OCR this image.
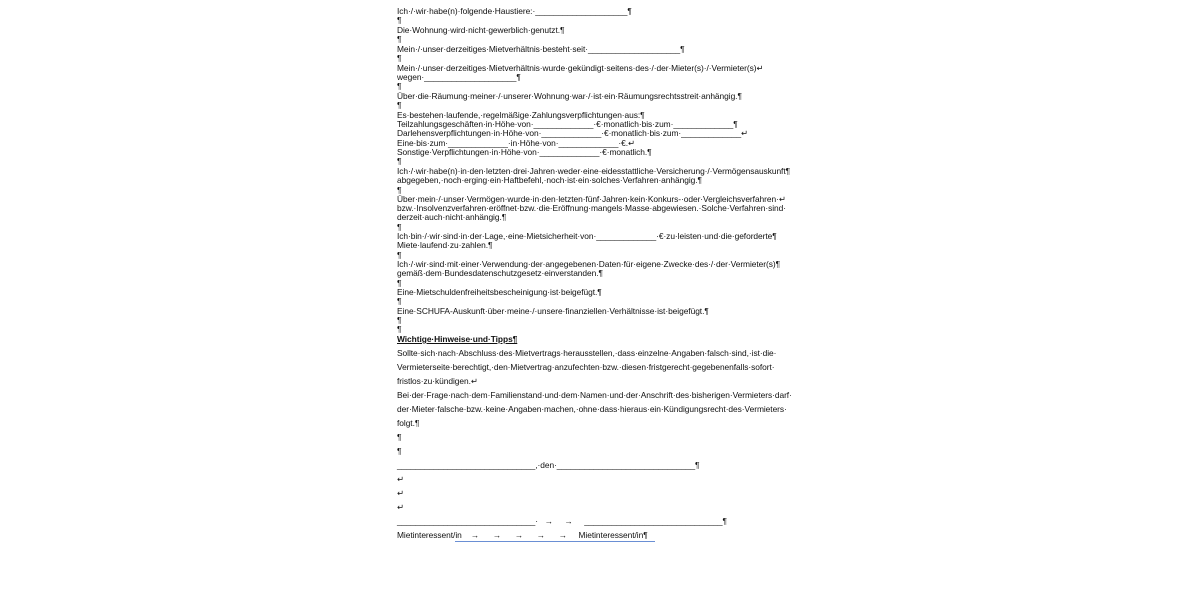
Ich·/·wir·habe(n)·folgende·Haustiere:·____________________¶
¶
Die·Wohnung·wird·nicht·gewerblich·genutzt.¶
¶
Mein·/·unser·derzeitiges·Mietverhältnis·besteht·seit·____________________¶
¶
Mein·/·unser·derzeitiges·Mietverhältnis·wurde·gekündigt·seitens·des·/·der·Mieter(s)·/·Vermieter(s)↵
wegen·____________________¶
¶
Über·die·Räumung·meiner·/·unserer·Wohnung·war·/·ist·ein·Räumungsrechtsstreit·anhängig.¶
¶
Es·bestehen·laufende,·regelmäßige·Zahlungsverpflichtungen·aus:¶
Teilzahlungsgeschäften·in·Höhe·von·_____________·€·monatlich·bis·zum·_____________¶
Darlehensverpflichtungen·in·Höhe·von·_____________·€·monatlich·bis·zum·_____________↵
Eine·bis·zum·_____________·in·Höhe·von·_____________·€.↵
Sonstige·Verpflichtungen·in·Höhe·von·_____________·€·monatlich.¶
¶
Ich·/·wir·habe(n)·in·den·letzten·drei·Jahren·weder·eine·eidesstattliche·Versicherung·/·Vermögensauskunft¶
abgegeben,·noch·erging·ein·Haftbefehl,·noch·ist·ein·solches·Verfahren·anhängig.¶
¶
Über·mein·/·unser·Vermögen·wurde·in·den·letzten·fünf·Jahren·kein·Konkurs-·oder·Vergleichsverfahren·↵
bzw.·Insolvenzverfahren·eröffnet·bzw.·die·Eröffnung·mangels·Masse·abgewiesen.·Solche·Verfahren·sind·
derzeit·auch·nicht·anhängig.¶
¶
Ich·bin·/·wir·sind·in·der·Lage,·eine·Mietsicherheit·von·_____________·€·zu·leisten·und·die·geforderte¶
Miete·laufend·zu·zahlen.¶
¶
Ich·/·wir·sind·mit·einer·Verwendung·der·angegebenen·Daten·für·eigene·Zwecke·des·/·der·Vermieter(s)¶
gemäß·dem·Bundesdatenschutzgesetz·einverstanden.¶
¶
Eine·Mietschuldenfreiheitsbescheinigung·ist·beigefügt.¶
¶
Eine·SCHUFA-Auskunft·über·meine·/·unsere·finanziellen·Verhältnisse·ist·beigefügt.¶
¶
¶
Wichtige·Hinweise·und·Tipps¶
Sollte·sich·nach·Abschluss·des·Mietvertrags·herausstellen,·dass·einzelne·Angaben·falsch·sind,·ist·die·
Vermieterseite·berechtigt,·den·Mietvertrag·anzufechten·bzw.·diesen·fristgerecht·gegebenenfalls·sofort·
fristlos·zu·kündigen.↵
Bei·der·Frage·nach·dem·Familienstand·und·dem·Namen·und·der·Anschrift·des·bisherigen·Vermieters·darf·
der·Mieter·falsche·bzw.·keine·Angaben·machen,·ohne·dass·hieraus·ein·Kündigungsrecht·des·Vermieters·
folgt.¶
¶
¶
______________________________,·den·______________________________¶
↵
↵
↵
______________________________·   →     →     ______________________________¶
Mietinteressent/in    →      →      →      →      →     Mietinteressent/in¶
